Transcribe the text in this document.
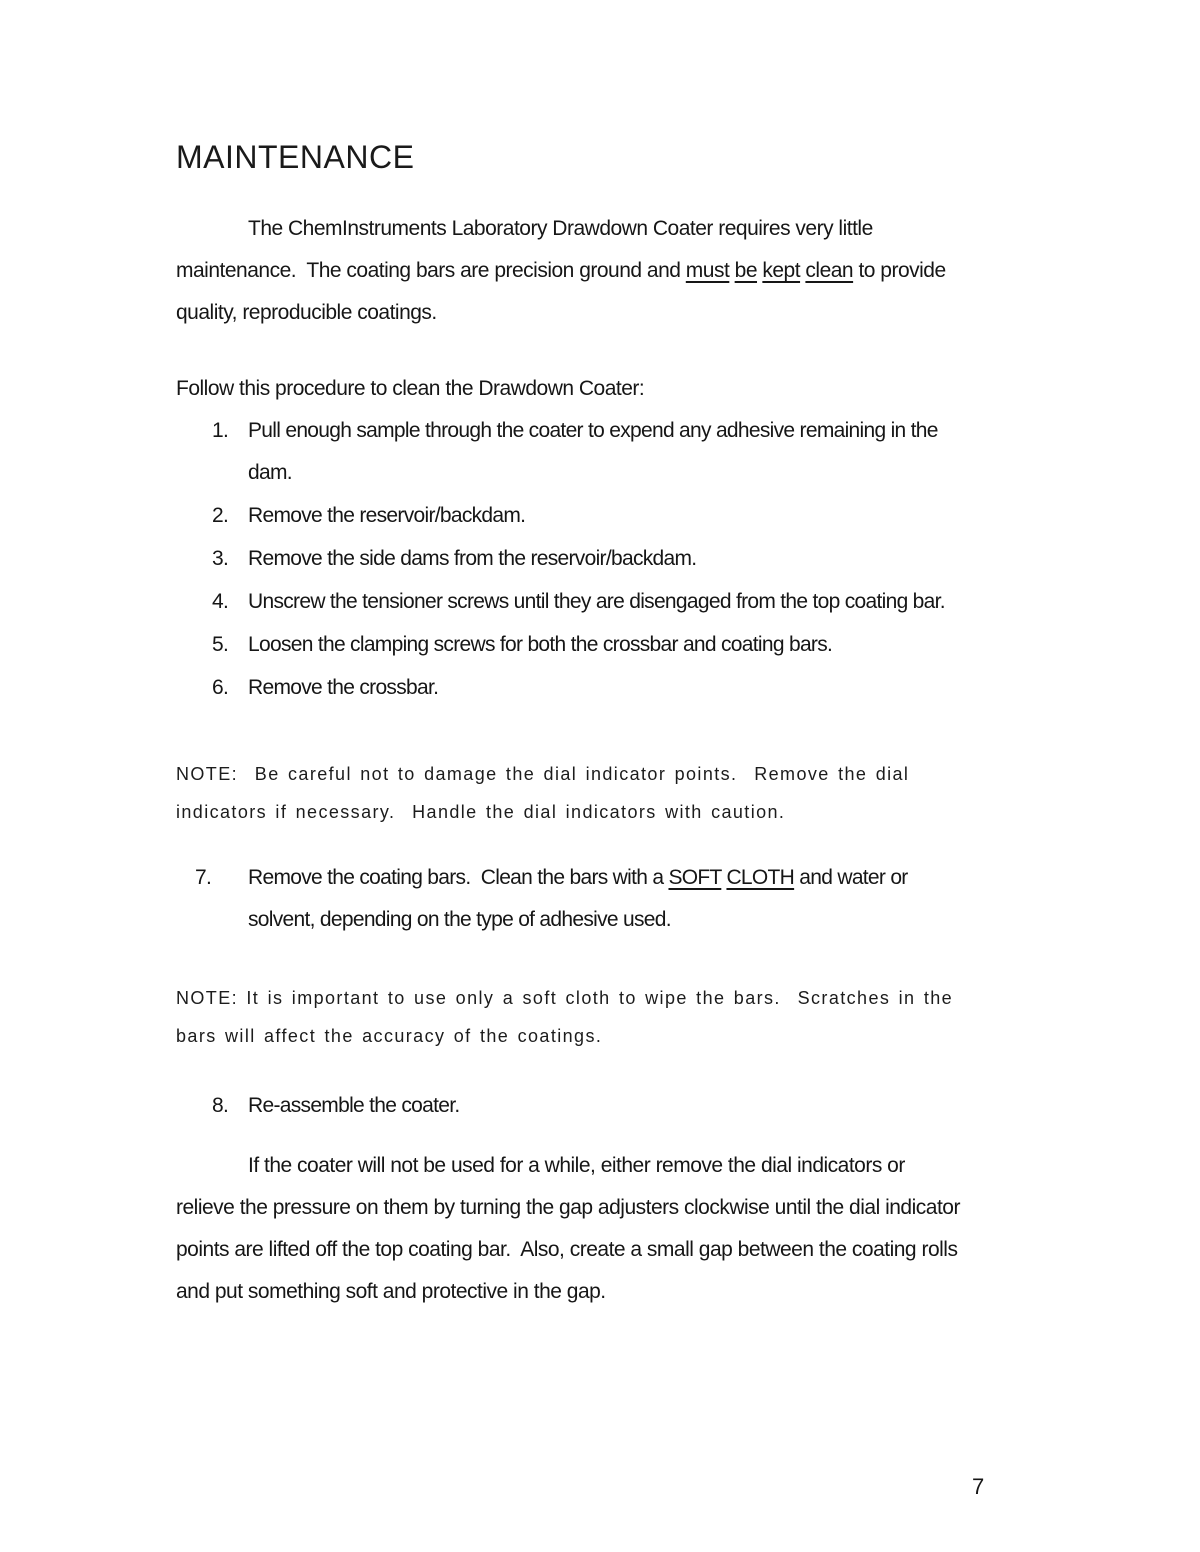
MAINTENANCE

The ChemInstruments Laboratory Drawdown Coater requires very little maintenance.  The coating bars are precision ground and must be kept clean to provide quality, reproducible coatings.

Follow this procedure to clean the Drawdown Coater:

1. Pull enough sample through the coater to expend any adhesive remaining in the dam.
2. Remove the reservoir/backdam.
3. Remove the side dams from the reservoir/backdam.
4. Unscrew the tensioner screws until they are disengaged from the top coating bar.
5. Loosen the clamping screws for both the crossbar and coating bars.
6. Remove the crossbar.

NOTE:  Be careful not to damage the dial indicator points.  Remove the dial indicators if necessary.  Handle the dial indicators with caution.

7.	Remove the coating bars.  Clean the bars with a SOFT CLOTH and water or solvent, depending on the type of adhesive used.

NOTE: It is important to use only a soft cloth to wipe the bars.  Scratches in the bars will affect the accuracy of the coatings.

8. Re-assemble the coater.

If the coater will not be used for a while, either remove the dial indicators or relieve the pressure on them by turning the gap adjusters clockwise until the dial indicator points are lifted off the top coating bar.  Also, create a small gap between the coating rolls and put something soft and protective in the gap.

7
